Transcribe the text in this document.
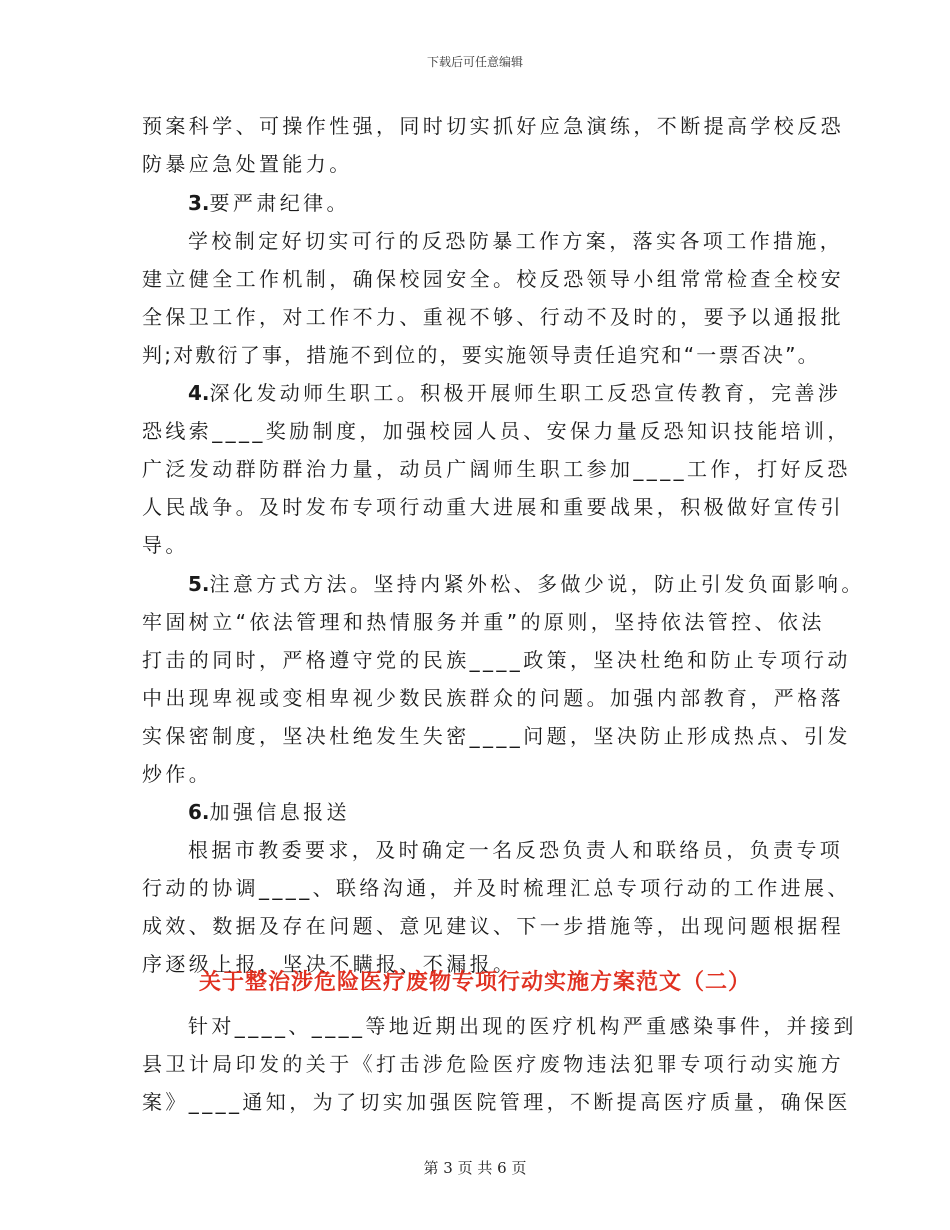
下载后可任意编辑
预案科学、可操作性强，同时切实抓好应急演练，不断提高学校反恐
防暴应急处置能力。
3.要严肃纪律。
学校制定好切实可行的反恐防暴工作方案，落实各项工作措施，
建立健全工作机制，确保校园安全。校反恐领导小组常常检查全校安
全保卫工作，对工作不力、重视不够、行动不及时的，要予以通报批
判;对敷衍了事，措施不到位的，要实施领导责任追究和“一票否决”。
4.深化发动师生职工。积极开展师生职工反恐宣传教育，完善涉
恐线索____奖励制度，加强校园人员、安保力量反恐知识技能培训，
广泛发动群防群治力量，动员广阔师生职工参加____工作，打好反恐
人民战争。及时发布专项行动重大进展和重要战果，积极做好宣传引
导。
5.注意方式方法。坚持内紧外松、多做少说，防止引发负面影响。
牢固树立“依法管理和热情服务并重”的原则，坚持依法管控、依法
打击的同时，严格遵守党的民族____政策，坚决杜绝和防止专项行动
中出现卑视或变相卑视少数民族群众的问题。加强内部教育，严格落
实保密制度，坚决杜绝发生失密____问题，坚决防止形成热点、引发
炒作。
6.加强信息报送
根据市教委要求，及时确定一名反恐负责人和联络员，负责专项
行动的协调____、联络沟通，并及时梳理汇总专项行动的工作进展、
成效、数据及存在问题、意见建议、下一步措施等，出现问题根据程
序逐级上报，坚决不瞒报、不漏报。
关于整治涉危险医疗废物专项行动实施方案范文（二）
针对____、____等地近期出现的医疗机构严重感染事件，并接到
县卫计局印发的关于《打击涉危险医疗废物违法犯罪专项行动实施方
案》____通知，为了切实加强医院管理，不断提高医疗质量，确保医
第 3 页 共 6 页
